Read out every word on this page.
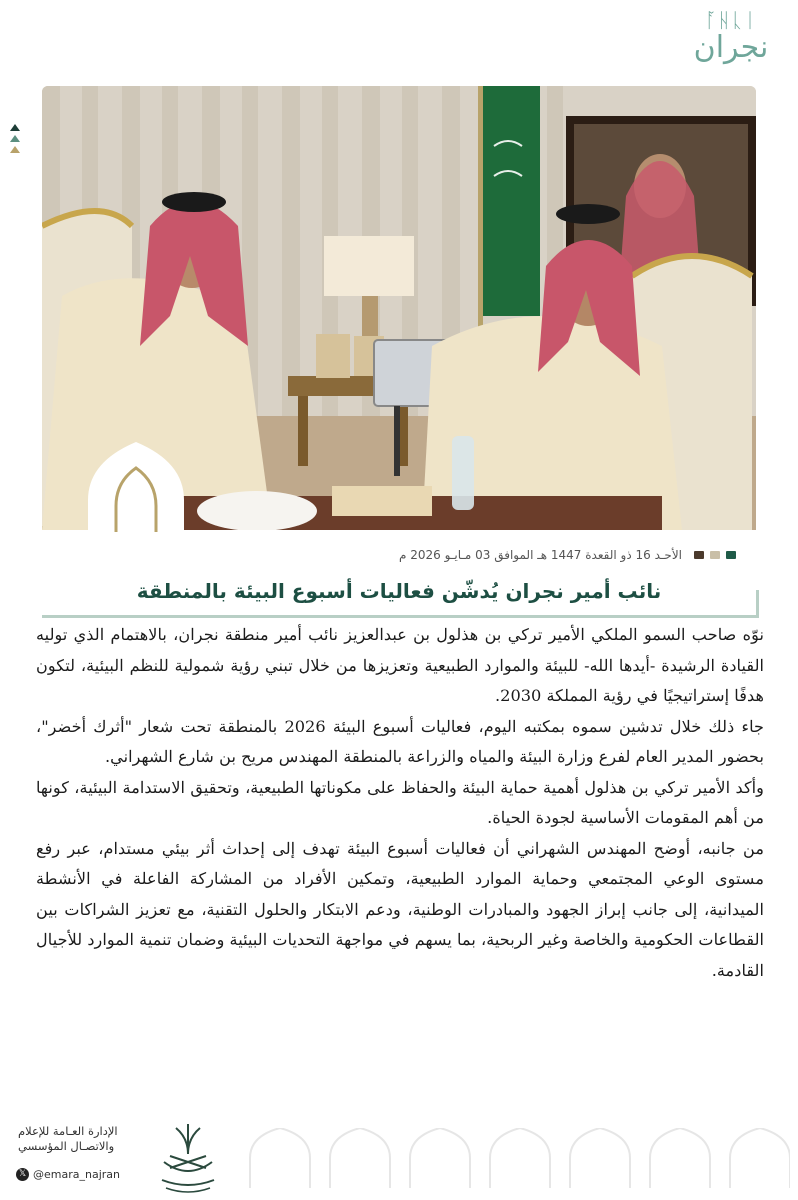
ᚪᚺᚳᛁ
نجران
الأحـد 16 ذو القعدة 1447 هـ الموافق 03 مـايـو 2026 م
نائب أمير نجران يُدشّن فعاليات أسبوع البيئة بالمنطقة

نوّه صاحب السمو الملكي الأمير تركي بن هذلول بن عبدالعزيز نائب أمير منطقة نجران، بالاهتمام الذي توليه القيادة الرشيدة -أيدها الله- للبيئة والموارد الطبيعية وتعزيزها من خلال تبني رؤية شمولية للنظم البيئية، لتكون هدفًا إستراتيجيًا في رؤية المملكة 2030.

جاء ذلك خلال تدشين سموه بمكتبه اليوم، فعاليات أسبوع البيئة 2026 بالمنطقة تحت شعار "أثرك أخضر"، بحضور المدير العام لفرع وزارة البيئة والمياه والزراعة بالمنطقة المهندس مريح بن شارع الشهراني.

وأكد الأمير تركي بن هذلول أهمية حماية البيئة والحفاظ على مكوناتها الطبيعية، وتحقيق الاستدامة البيئية، كونها من أهم المقومات الأساسية لجودة الحياة.

من جانبه، أوضح المهندس الشهراني أن فعاليات أسبوع البيئة تهدف إلى إحداث أثر بيئي مستدام، عبر رفع مستوى الوعي المجتمعي وحماية الموارد الطبيعية، وتمكين الأفراد من المشاركة الفاعلة في الأنشطة الميدانية، إلى جانب إبراز الجهود والمبادرات الوطنية، ودعم الابتكار والحلول التقنية، مع تعزيز الشراكات بين القطاعات الحكومية والخاصة وغير الربحية، بما يسهم في مواجهة التحديات البيئية وضمان تنمية الموارد للأجيال القادمة.

الإدارة العـامة للإعلام
والاتصـال المؤسسي
𝕏 @emara_najran
